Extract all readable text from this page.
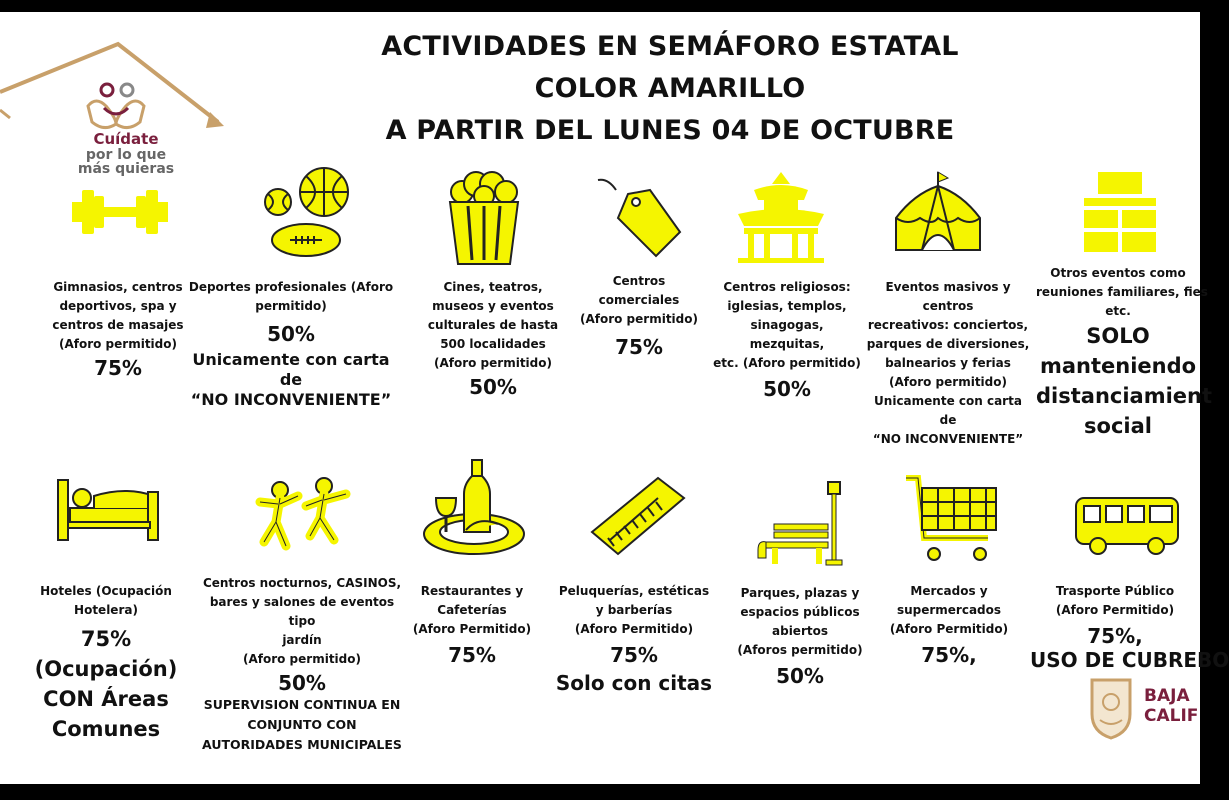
Cuídate
por lo que
más quieras
ACTIVIDADES EN SEMÁFORO ESTATAL
COLOR AMARILLO
A PARTIR DEL LUNES 04 DE OCTUBRE
Gimnasios, centros
deportivos, spa y
centros de masajes
(Aforo permitido)
75%
Deportes profesionales (Aforo
permitido)
50%
Unicamente con carta de
“NO INCONVENIENTE”
Cines, teatros,
museos y eventos
culturales de hasta
500 localidades
(Aforo permitido)
50%
Centros
comerciales
(Aforo permitido)
75%
Centros religiosos:
iglesias, templos,
sinagogas, mezquitas,
etc. (Aforo permitido)
50%
Eventos masivos y centros
recreativos: conciertos,
parques de diversiones,
balnearios y ferias
(Aforo permitido)
Unicamente con carta
de
“NO INCONVENIENTE”
Otros eventos como
reuniones familiares, fies
etc.
SOLO
manteniendo
distanciamient
social
Hoteles (Ocupación
Hotelera)
75% (Ocupación)
CON Áreas
Comunes
Centros nocturnos, CASINOS,
bares y salones de eventos tipo
jardín
(Aforo permitido)
50%
SUPERVISION CONTINUA EN
CONJUNTO CON
AUTORIDADES MUNICIPALES
Restaurantes y
Cafeterías
(Aforo Permitido)
75%
Peluquerías, estéticas
y barberías
(Aforo Permitido)
75%
Solo con citas
Parques, plazas y
espacios públicos
abiertos
(Aforos permitido)
50%
Mercados y
supermercados
(Aforo Permitido)
75%,
Trasporte Público
(Aforo Permitido)
75%,
USO DE CUBREBO
BAJA
CALIF
